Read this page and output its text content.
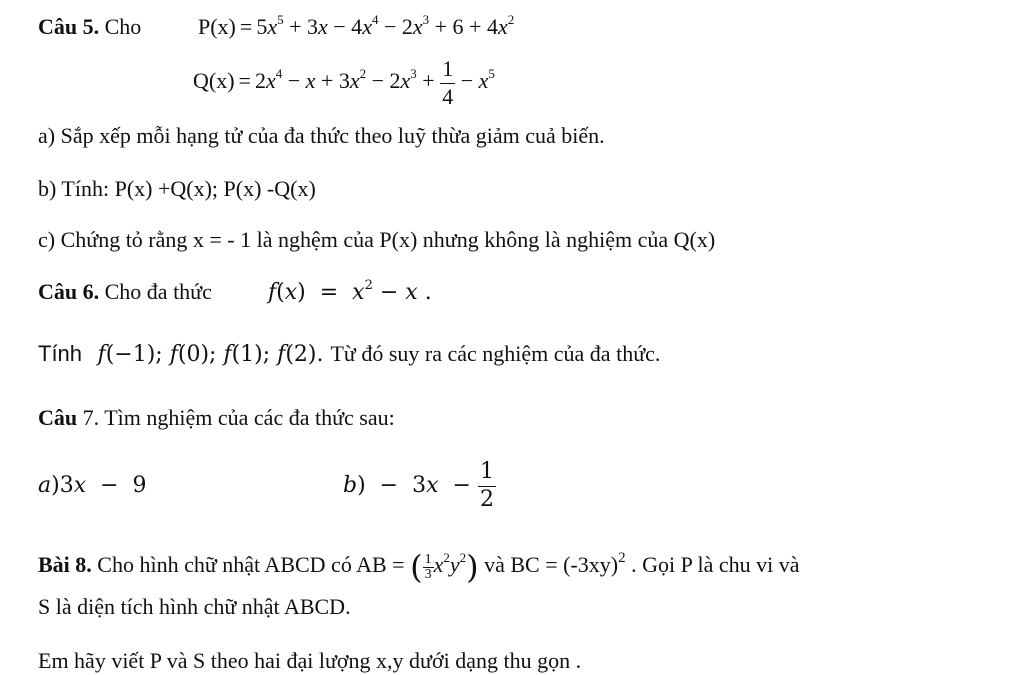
Câu 5. Cho	$P(x) = 5x^5 + 3x - 4x^4 - 2x^3 + 6 + 4x^2$
$Q(x) = 2x^4 - x + 3x^2 - 2x^3 + \frac{1}{4} - x^5$
a) Sắp xếp mỗi hạng tử của đa thức theo luỹ thừa giảm cuả biến.
b) Tính: P(x) +Q(x); P(x) -Q(x)
c) Chứng tỏ rằng x = - 1 là nghệm của P(x) nhưng không là nghiệm của Q(x)
Câu 6. Cho đa thức	$f(x) = x^2 - x$ .
Tính f(−1); f(0); f(1); f(2). Từ đó suy ra các nghiệm của đa thức.
Câu 7. Tìm nghiệm của các đa thức sau:
a)3x  −  9	$b) - 3x - \frac{1}{2}$
Bài 8. Cho hình chữ nhật ABCD có AB = ( $\frac{1}{3} x^2y^2$) và BC = $(-3xy)^2$ . Gọi P là chu vi và
S là diện tích hình chữ nhật ABCD.
Em hãy viết P và S theo hai đại lượng x,y dưới dạng thu gọn .
